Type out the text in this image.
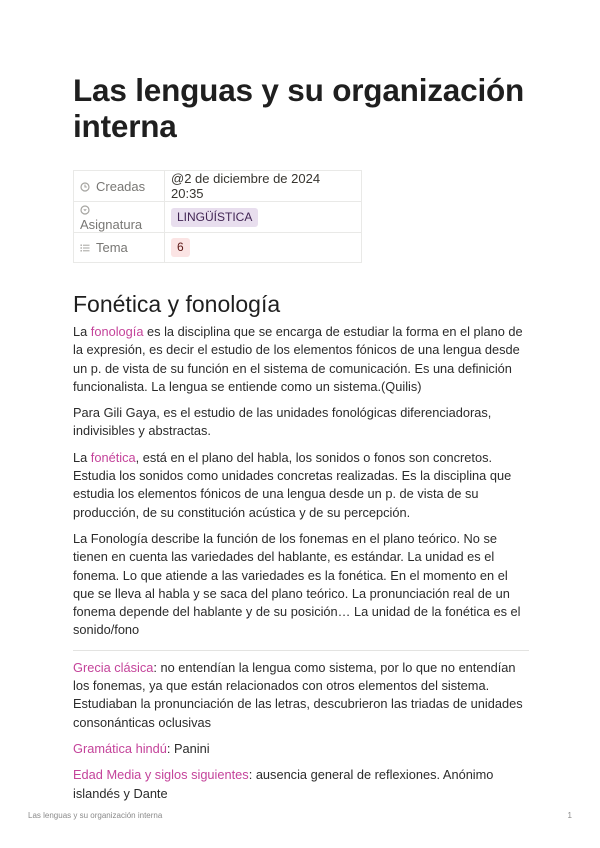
Las lenguas y su organización interna
Creadas	@2 de diciembre de 2024 20:35
Asignatura	LINGÜÍSTICA
Tema	6
Fonética y fonología

La fonología es la disciplina que se encarga de estudiar la forma en el plano de la expresión, es decir el estudio de los elementos fónicos de una lengua desde un p. de vista de su función en el sistema de comunicación. Es una definición funcionalista. La lengua se entiende como un sistema.(Quilis)

Para Gili Gaya, es el estudio de las unidades fonológicas diferenciadoras, indivisibles y abstractas.

La fonética, está en el plano del habla, los sonidos o fonos son concretos. Estudia los sonidos como unidades concretas realizadas. Es la disciplina que estudia los elementos fónicos de una lengua desde un p. de vista de su producción, de su constitución acústica y de su percepción.

La Fonología describe la función de los fonemas en el plano teórico. No se tienen en cuenta las variedades del hablante, es estándar. La unidad es el fonema. Lo que atiende a las variedades es la fonética. En el momento en el que se lleva al habla y se saca del plano teórico. La pronunciación real de un fonema depende del hablante y de su posición… La unidad de la fonética es el sonido/fono

Grecia clásica: no entendían la lengua como sistema, por lo que no entendían los fonemas, ya que están relacionados con otros elementos del sistema. Estudiaban la pronunciación de las letras, descubrieron las triadas de unidades consonánticas oclusivas

Gramática hindú: Panini

Edad Media y siglos siguientes: ausencia general de reflexiones. Anónimo islandés y Dante

Las lenguas y su organización interna	1
